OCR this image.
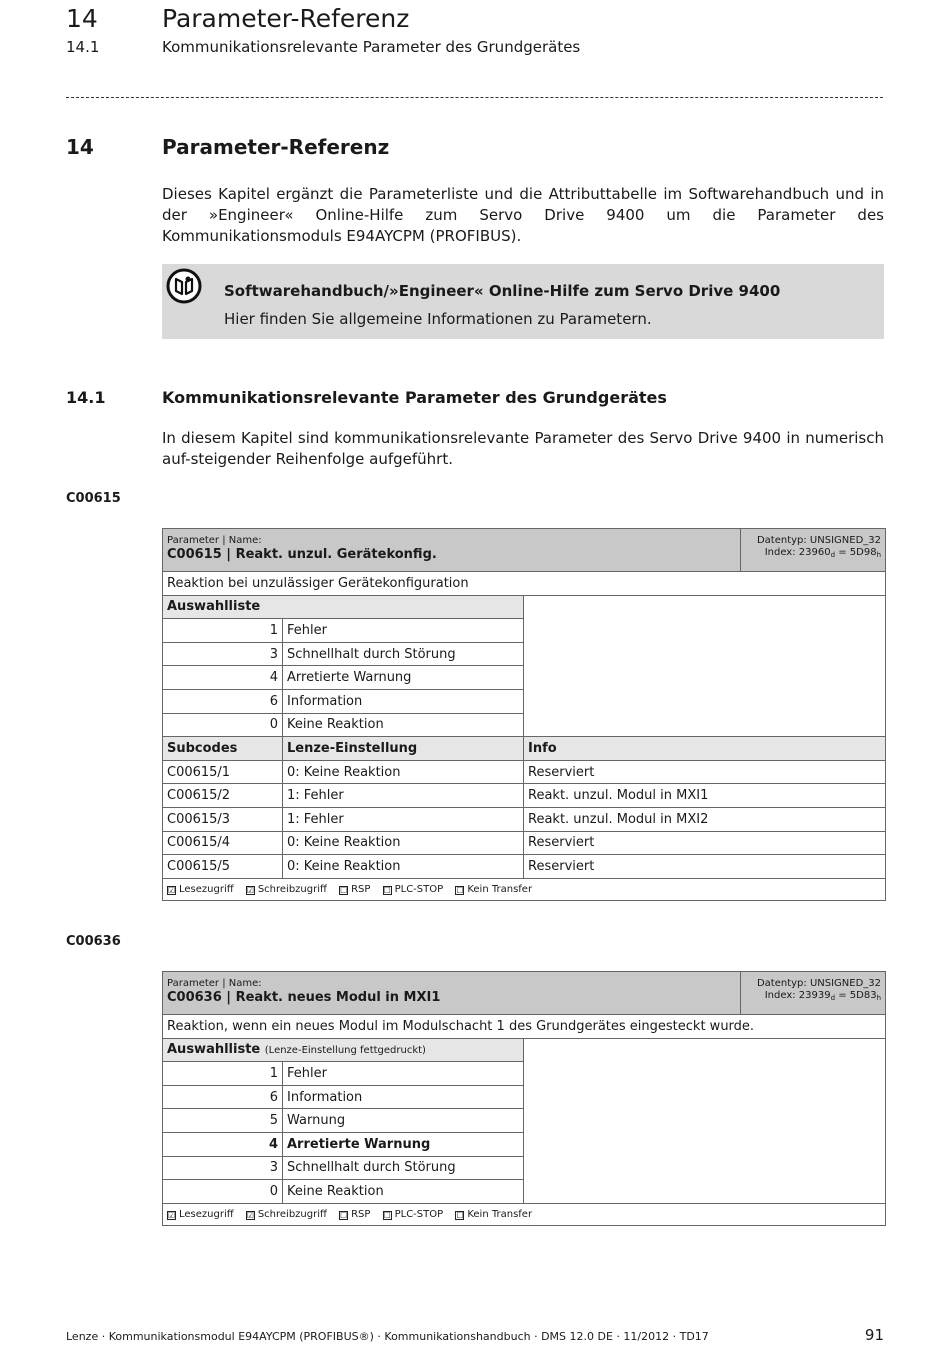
14	Parameter-Referenz
14.1	Kommunikationsrelevante Parameter des Grundgerätes
14	Parameter-Referenz
Dieses Kapitel ergänzt die Parameterliste und die Attributtabelle im Softwarehandbuch und in der »Engineer« Online-Hilfe zum Servo Drive 9400 um die Parameter des Kommunikationsmoduls E94AYCPM (PROFIBUS).
Softwarehandbuch/»Engineer« Online-Hilfe zum Servo Drive 9400
Hier finden Sie allgemeine Informationen zu Parametern.
14.1	Kommunikationsrelevante Parameter des Grundgerätes
In diesem Kapitel sind kommunikationsrelevante Parameter des Servo Drive 9400 in numerisch auf-steigender Reihenfolge aufgeführt.
C00615
Parameter | Name:
C00615 | Reakt. unzul. Gerätekonfig.			Datentyp: UNSIGNED_32
Index: $23960_d = 5D98_h$
Reaktion bei unzulässiger Gerätekonfiguration			
Auswahlliste			
1	Fehler		
3	Schnellhalt durch Störung		
4	Arretierte Warnung		
6	Information		
0	Keine Reaktion		
Subcodes	Lenze-Einstellung	Info	
C00615/1	0: Keine Reaktion	Reserviert	
C00615/2	1: Fehler	Reakt. unzul. Modul in MXI1	
C00615/3	1: Fehler	Reakt. unzul. Modul in MXI2	
C00615/4	0: Keine Reaktion	Reserviert	
C00615/5	0: Keine Reaktion	Reserviert	
☑ Lesezugriff ☑ Schreibzugriff ☐ RSP ☐ PLC-STOP ☐ Kein Transfer			
C00636
Parameter | Name:
C00636 | Reakt. neues Modul in MXI1			Datentyp: UNSIGNED_32
Index: $23939_d = 5D83_h$
Reaktion, wenn ein neues Modul im Modulschacht 1 des Grundgerätes eingesteckt wurde.			
Auswahlliste (Lenze-Einstellung fettgedruckt)			
1	Fehler		
6	Information		
5	Warnung		
4	Arretierte Warnung		
3	Schnellhalt durch Störung		
0	Keine Reaktion		
☑ Lesezugriff ☑ Schreibzugriff ☐ RSP ☐ PLC-STOP ☐ Kein Transfer			
Lenze · Kommunikationsmodul E94AYCPM (PROFIBUS®) · Kommunikationshandbuch · DMS 12.0 DE · 11/2012 · TD17	91
